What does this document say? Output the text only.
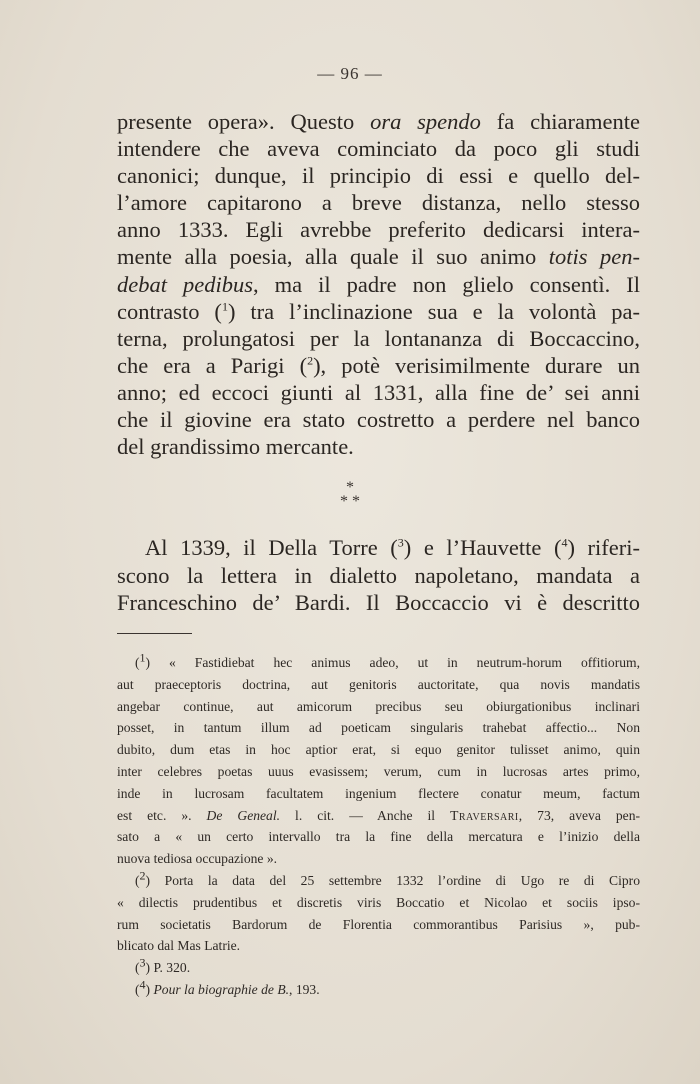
— 96 —
presente opera». Questo ora spendo fa chiaramente
intendere che aveva cominciato da poco gli studi
canonici; dunque, il principio di essi e quello del-
l’amore capitarono a breve distanza, nello stesso
anno 1333. Egli avrebbe preferito dedicarsi intera-
mente alla poesia, alla quale il suo animo totis pen-
debat pedibus, ma il padre non glielo consentì. Il
contrasto ($^1$) tra l’inclinazione sua e la volontà pa-
terna, prolungatosi per la lontananza di Boccaccino,
che era a Parigi ($^2$), potè verisimilmente durare un
anno; ed eccoci giunti al 1331, alla fine de’ sei anni
che il giovine era stato costretto a perdere nel banco
del grandissimo mercante.
*
* *
Al 1339, il Della Torre ($^3$) e l’Hauvette ($^4$) riferi-
scono la lettera in dialetto napoletano, mandata a
Franceschino de’ Bardi. Il Boccaccio vi è descritto
($^1$) « Fastidiebat hec animus adeo, ut in neutrum-horum offitiorum,
aut praeceptoris doctrina, aut genitoris auctoritate, qua novis mandatis
angebar continue, aut amicorum precibus seu obiurgationibus inclinari
posset, in tantum illum ad poeticam singularis trahebat affectio... Non
dubito, dum etas in hoc aptior erat, si equo genitor tulisset animo, quin
inter celebres poetas uuus evasissem; verum, cum in lucrosas artes primo,
inde in lucrosam facultatem ingenium flectere conatur meum, factum
est etc. ». De Geneal. l. cit. — Anche il Traversari, 73, aveva pen-
sato a « un certo intervallo tra la fine della mercatura e l’inizio della
nuova tediosa occupazione ».
($^2$) Porta la data del 25 settembre 1332 l’ordine di Ugo re di Cipro
« dilectis prudentibus et discretis viris Boccatio et Nicolao et sociis ipso-
rum societatis Bardorum de Florentia commorantibus Parisius », pub-
blicato dal Mas Latrie.
($^3$) P. 320.
($^4$) Pour la biographie de B., 193.
